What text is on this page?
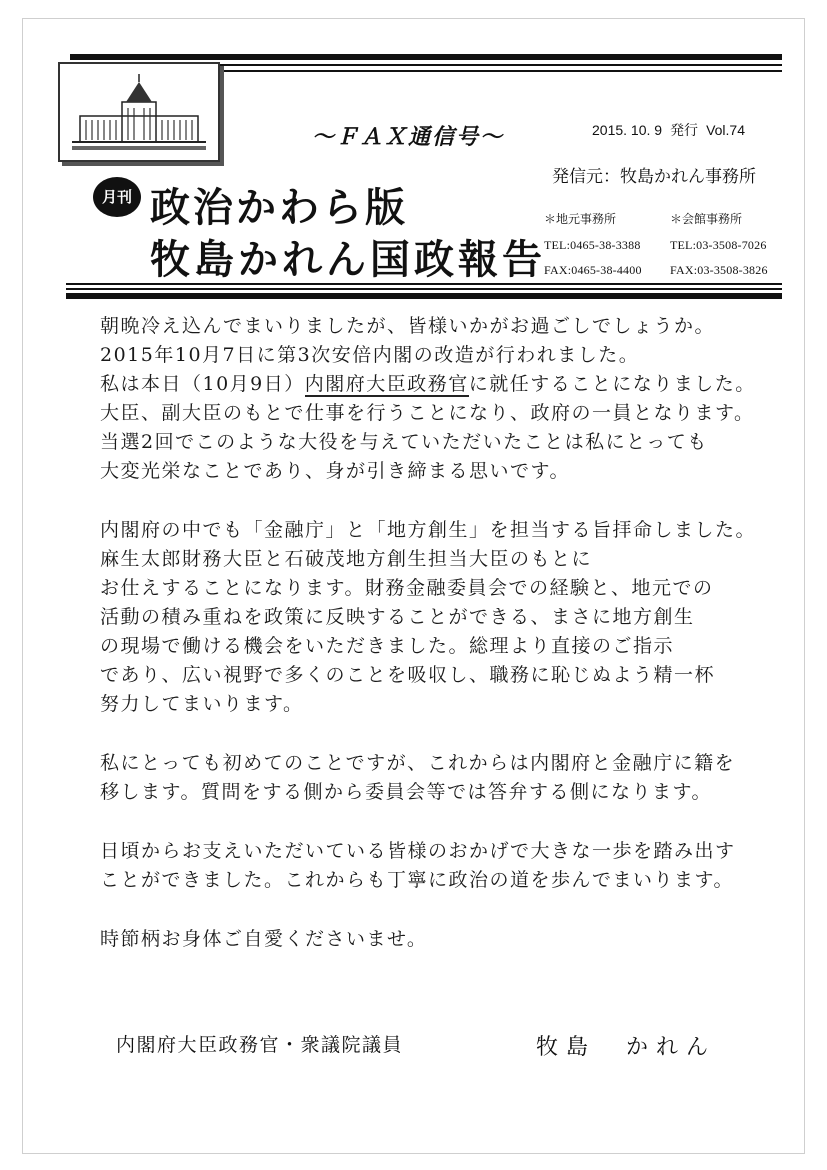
～ＦＡＸ通信号～	2015. 10. 9 発行 Vol.74
発信元：牧島かれん事務所
月刊 政治かわら版
牧島かれん国政報告
＊地元事務所
TEL:0465-38-3388
FAX:0465-38-4400
＊会館事務所
TEL:03-3508-7026
FAX:03-3508-3826

朝晩冷え込んでまいりましたが、皆様いかがお過ごしでしょうか。
2015年10月7日に第3次安倍内閣の改造が行われました。
私は本日（10月9日）内閣府大臣政務官に就任することになりました。
大臣、副大臣のもとで仕事を行うことになり、政府の一員となります。
当選2回でこのような大役を与えていただいたことは私にとっても
大変光栄なことであり、身が引き締まる思いです。

内閣府の中でも「金融庁」と「地方創生」を担当する旨拝命しました。
麻生太郎財務大臣と石破茂地方創生担当大臣のもとに
お仕えすることになります。財務金融委員会での経験と、地元での
活動の積み重ねを政策に反映することができる、まさに地方創生
の現場で働ける機会をいただきました。総理より直接のご指示
であり、広い視野で多くのことを吸収し、職務に恥じぬよう精一杯
努力してまいります。

私にとっても初めてのことですが、これからは内閣府と金融庁に籍を
移します。質問をする側から委員会等では答弁する側になります。

日頃からお支えいただいている皆様のおかげで大きな一歩を踏み出す
ことができました。これからも丁寧に政治の道を歩んでまいります。

時節柄お身体ご自愛くださいませ。

内閣府大臣政務官・衆議院議員	牧島　かれん
